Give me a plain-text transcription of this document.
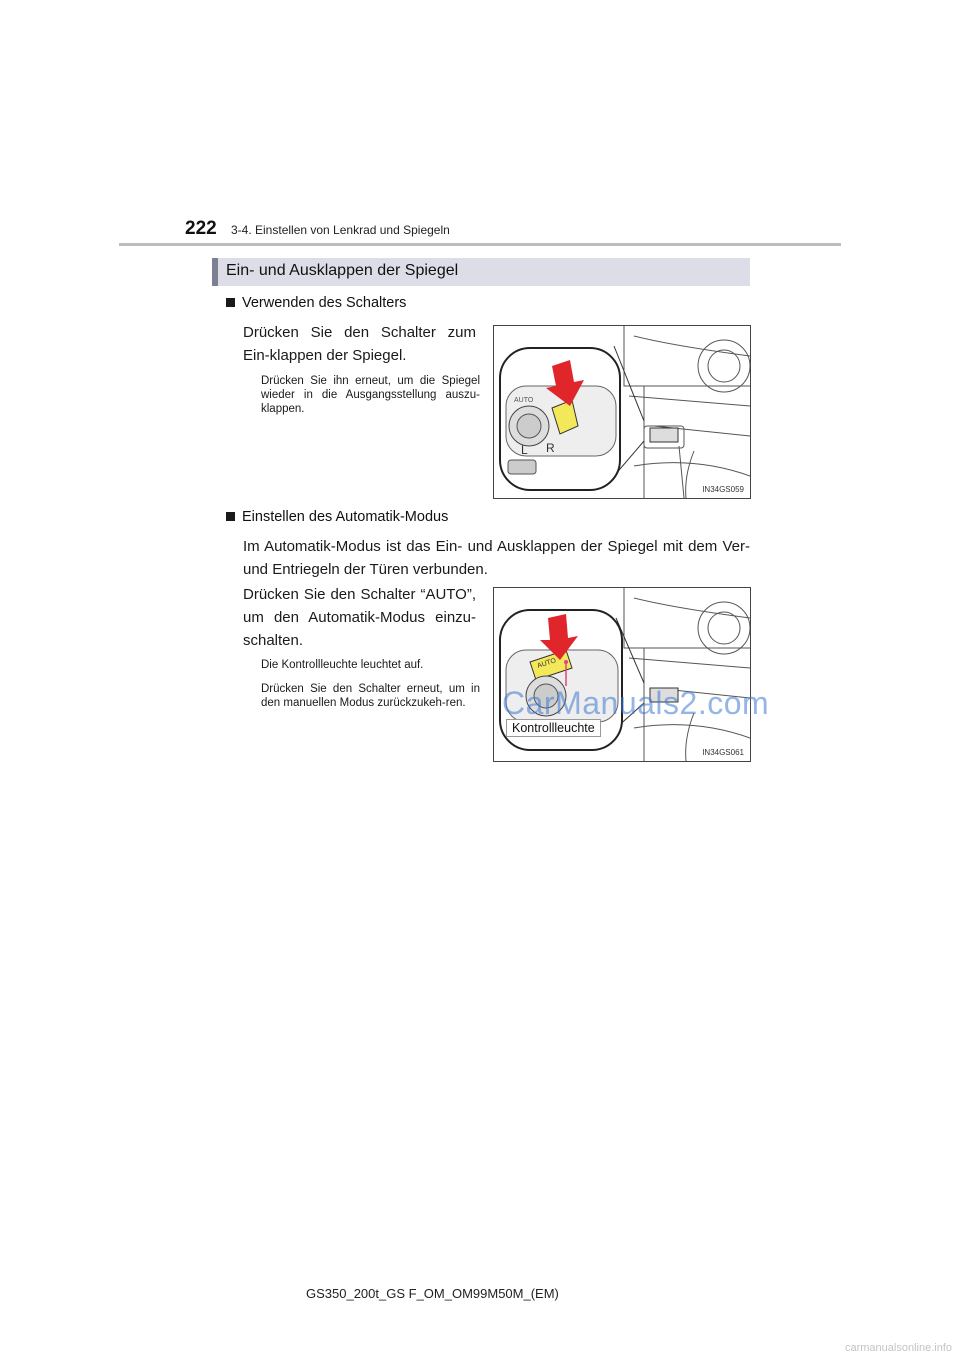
222 3-4. Einstellen von Lenkrad und Spiegeln
Ein- und Ausklappen der Spiegel
Verwenden des Schalters
Drücken Sie den Schalter zum Ein-klappen der Spiegel.
Drücken Sie ihn erneut, um die Spiegel wieder in die Ausgangsstellung auszu-klappen.
AUTO
L R
IN34GS059
Einstellen des Automatik-Modus
Im Automatik-Modus ist das Ein- und Ausklappen der Spiegel mit dem Ver-und Entriegeln der Türen verbunden.
Drücken Sie den Schalter “AUTO”, um den Automatik-Modus einzu-schalten.
Die Kontrollleuchte leuchtet auf.
Drücken Sie den Schalter erneut, um in den manuellen Modus zurückzukeh-ren.
AUTO
Kontrollleuchte
IN34GS061
CarManuals2.com
GS350_200t_GS F_OM_OM99M50M_(EM)
carmanualsonline.info
